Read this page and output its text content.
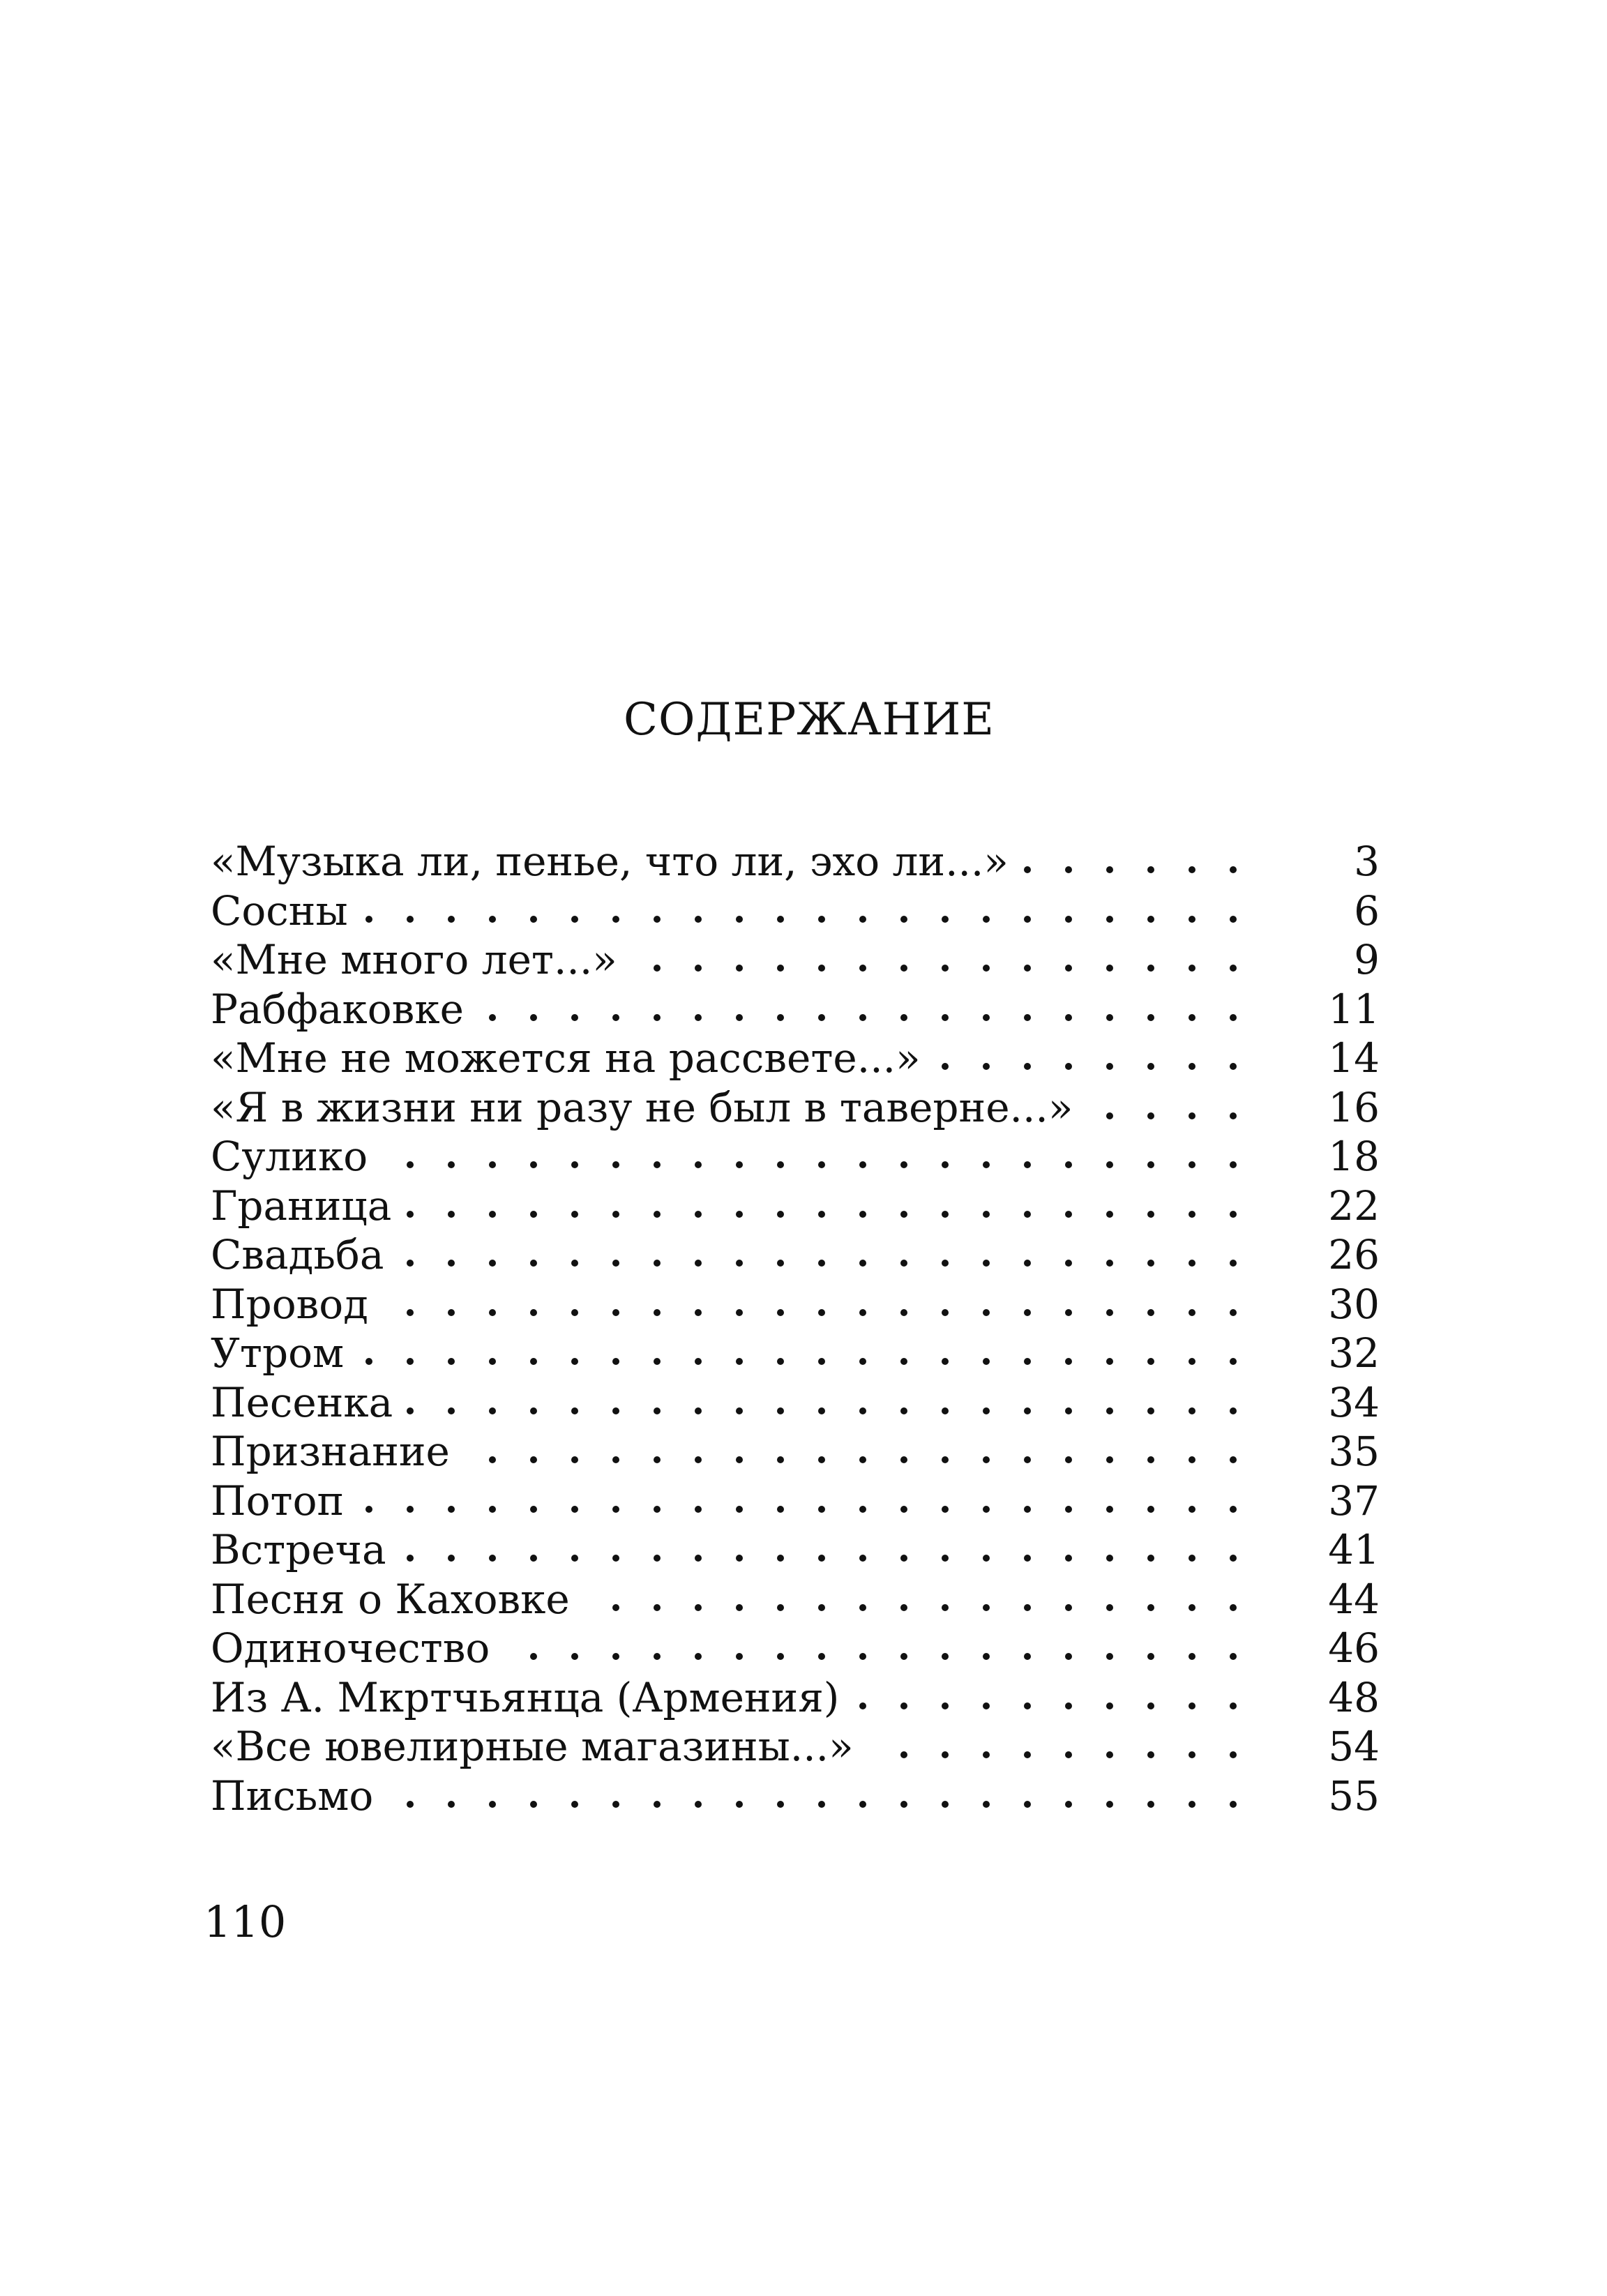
СОДЕРЖАНИЕ
«Музыка ли, пенье, что ли, эхо ли...»	3
Сосны	6
«Мне много лет...»	9
Рабфаковке	11
«Мне не можется на рассвете...»	14
«Я в жизни ни разу не был в таверне...»	16
Сулико	18
Граница	22
Свадьба	26
Провод	30
Утром	32
Песенка	34
Признание	35
Потоп	37
Встреча	41
Песня о Каховке	44
Одиночество	46
Из А. Мкртчьянца (Армения)	48
«Все ювелирные магазины...»	54
Письмо	55

110
